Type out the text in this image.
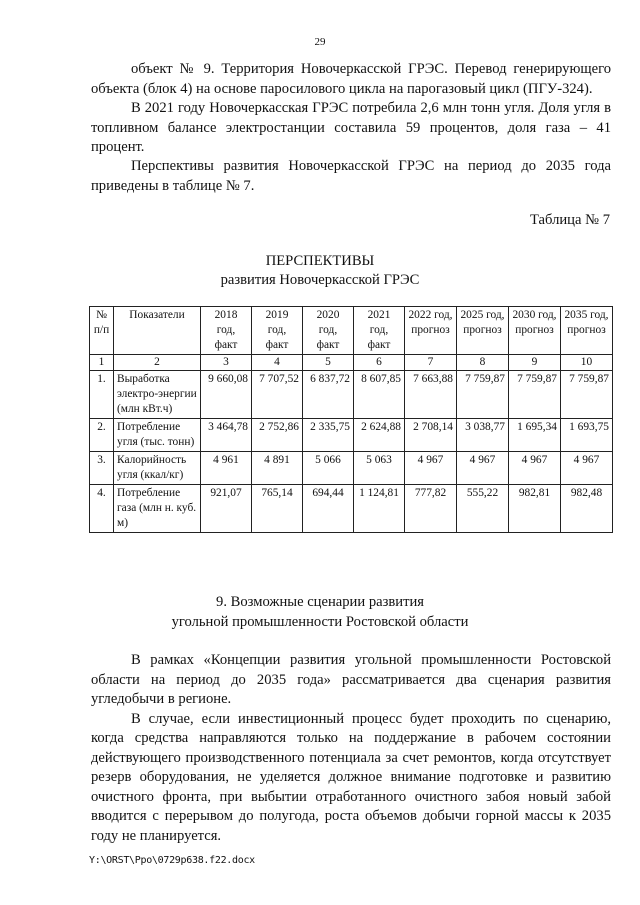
29

объект № 9. Территория Новочеркасской ГРЭС. Перевод генерирующего объекта (блок 4) на основе паросилового цикла на парогазовый цикл (ПГУ-324).

В 2021 году Новочеркасская ГРЭС потребила 2,6 млн тонн угля. Доля угля в топливном балансе электростанции составила 59 процентов, доля газа – 41 процент.

Перспективы развития Новочеркасской ГРЭС на период до 2035 года приведены в таблице № 7.

Таблица № 7
ПЕРСПЕКТИВЫ
развития Новочеркасской ГРЭС
№ п/п	Показатели	2018 год, факт	2019 год, факт	2020 год, факт	2021 год, факт	2022 год, прогноз	2025 год, прогноз	2030 год, прогноз	2035 год, прогноз
1	2	3	4	5	6	7	8	9	10
1.	Выработка электро-энергии (млн кВт.ч)	9 660,08	7 707,52	6 837,72	8 607,85	7 663,88	7 759,87	7 759,87	7 759,87
2.	Потребление угля (тыс. тонн)	3 464,78	2 752,86	2 335,75	2 624,88	2 708,14	3 038,77	1 695,34	1 693,75
3.	Калорийность угля (ккал/кг)	4 961	4 891	5 066	5 063	4 967	4 967	4 967	4 967
4.	Потребление газа (млн н. куб. м)	921,07	765,14	694,44	1 124,81	777,82	555,22	982,81	982,48
9. Возможные сценарии развития
угольной промышленности Ростовской области

В рамках «Концепции развития угольной промышленности Ростовской области на период до 2035 года» рассматривается два сценария развития угледобычи в регионе.

В случае, если инвестиционный процесс будет проходить по сценарию, когда средства направляются только на поддержание в рабочем состоянии действующего производственного потенциала за счет ремонтов, когда отсутствует резерв оборудования, не уделяется должное внимание подготовке и развитию очистного фронта, при выбытии отработанного очистного забоя новый забой вводится с перерывом до полугода, роста объемов добычи горной массы к 2035 году не планируется.

Y:\ORST\Ppo\0729p638.f22.docx
